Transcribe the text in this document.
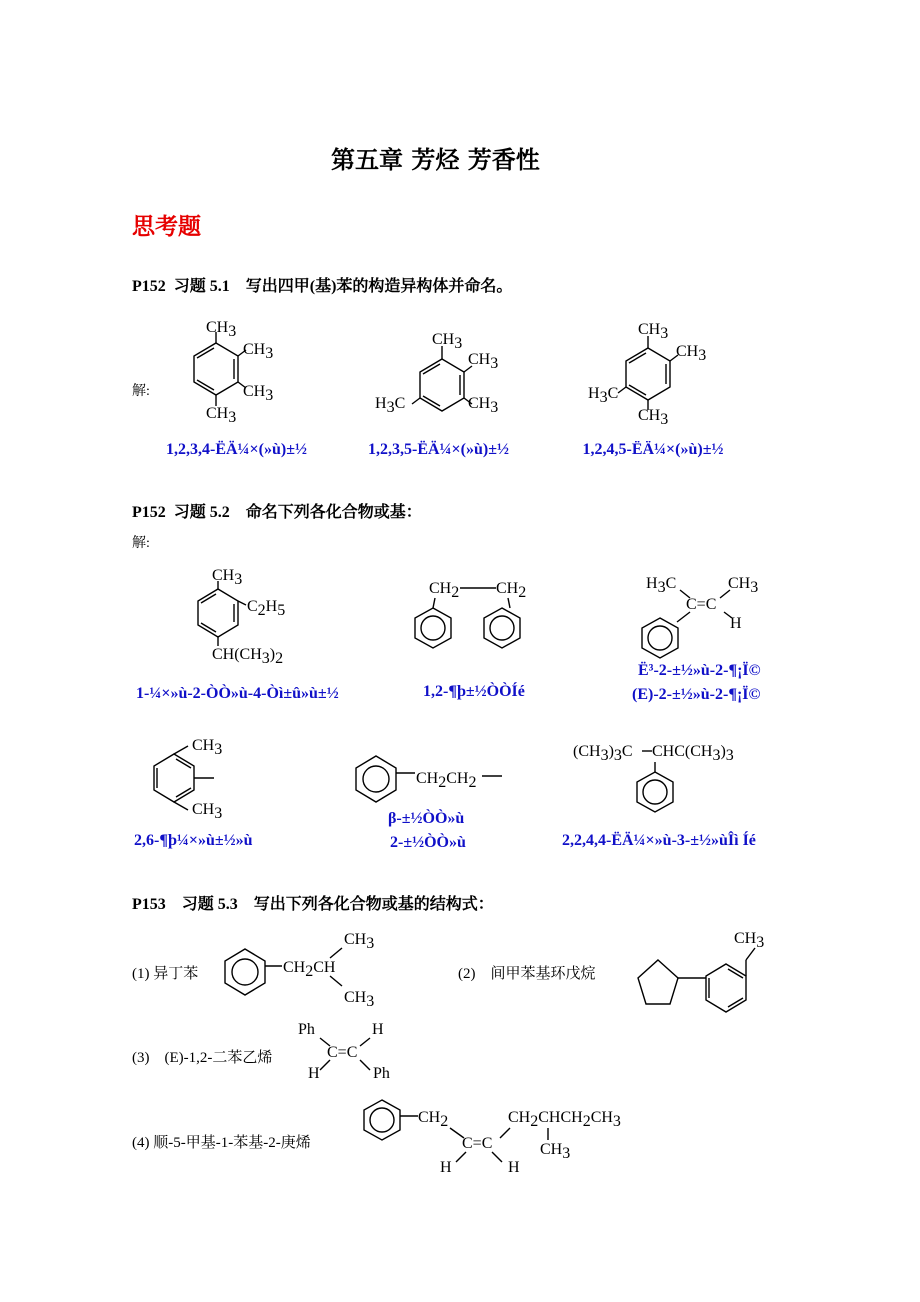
第五章 芳烃 芳香性
思考题
P152  习题 5.1    写出四甲(基)苯的构造异构体并命名。
解:
CH3
CH3
CH3
CH3
CH3
CH3
CH3
H3C
CH3
CH3
H3C
CH3
1,2,3,4-ËÄ¼×(»ù)±½	1,2,3,5-ËÄ¼×(»ù)±½	1,2,4,5-ËÄ¼×(»ù)±½
P152  习题 5.2    命名下列各化合物或基：
解:
CH3
C2H5
CH(CH3)2
CH2 CH2
H3C	CH3
C=C
H
CH3
CH3
CH2CH2
(CH3)3C CHC(CH3)3
1-¼×»ù-2-ÒÒ»ù-4-Òì±û»ù±½	1,2-¶þ±½ÒÒÍé
Ë³-2-±½»ù-2-¶¡Ï©
(E)-2-±½»ù-2-¶¡Ï©
2,6-¶þ¼×»ù±½»ù
β-±½ÒÒ»ù
2-±½ÒÒ»ù	2,2,4,4-ËÄ¼×»ù-3-±½»ùÎì Íé
P153    习题 5.3    写出下列各化合物或基的结构式：
(1) 异丁苯	(2)    间甲苯基环戊烷
(3)    (E)-1,2-二苯乙烯
(4) 顺-5-甲基-1-苯基-2-庚烯
CH2CH
CH3
CH3
CH3
Ph	H
C=C
H	Ph
CH2
C=C
CH2CHCH2CH3
CH3
H	H
